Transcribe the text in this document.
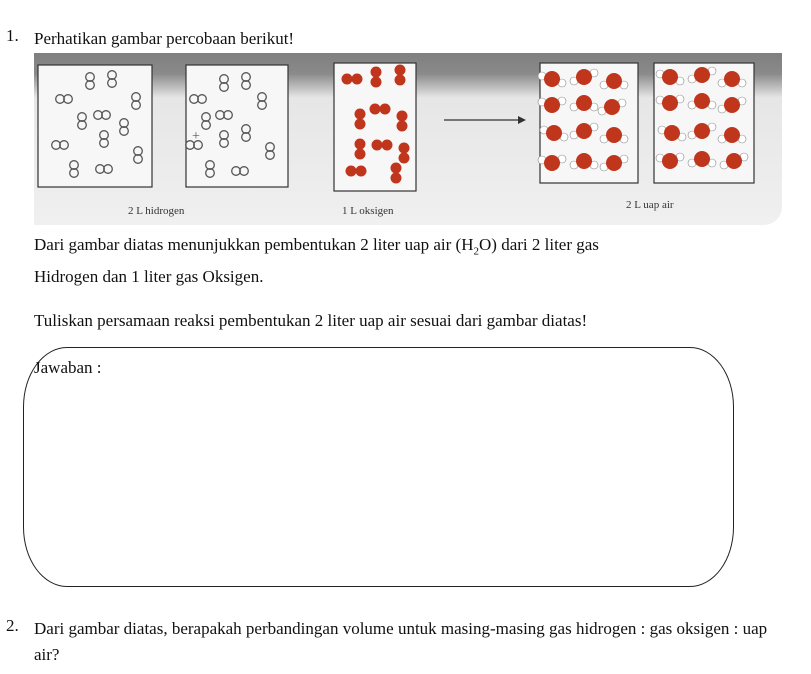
1. Perhatikan gambar percobaan berikut!
+
2 L hidrogen	1 L oksigen	2 L uap air
Dari gambar diatas menunjukkan pembentukan 2 liter uap air $(H_2O)$ dari 2 liter gas
Hidrogen dan 1 liter gas Oksigen.
Tuliskan persamaan reaksi pembentukan 2 liter uap air sesuai dari gambar diatas!
Jawaban :
2. Dari gambar diatas, berapakah perbandingan volume untuk masing-masing gas hidrogen : gas oksigen : uap air?
